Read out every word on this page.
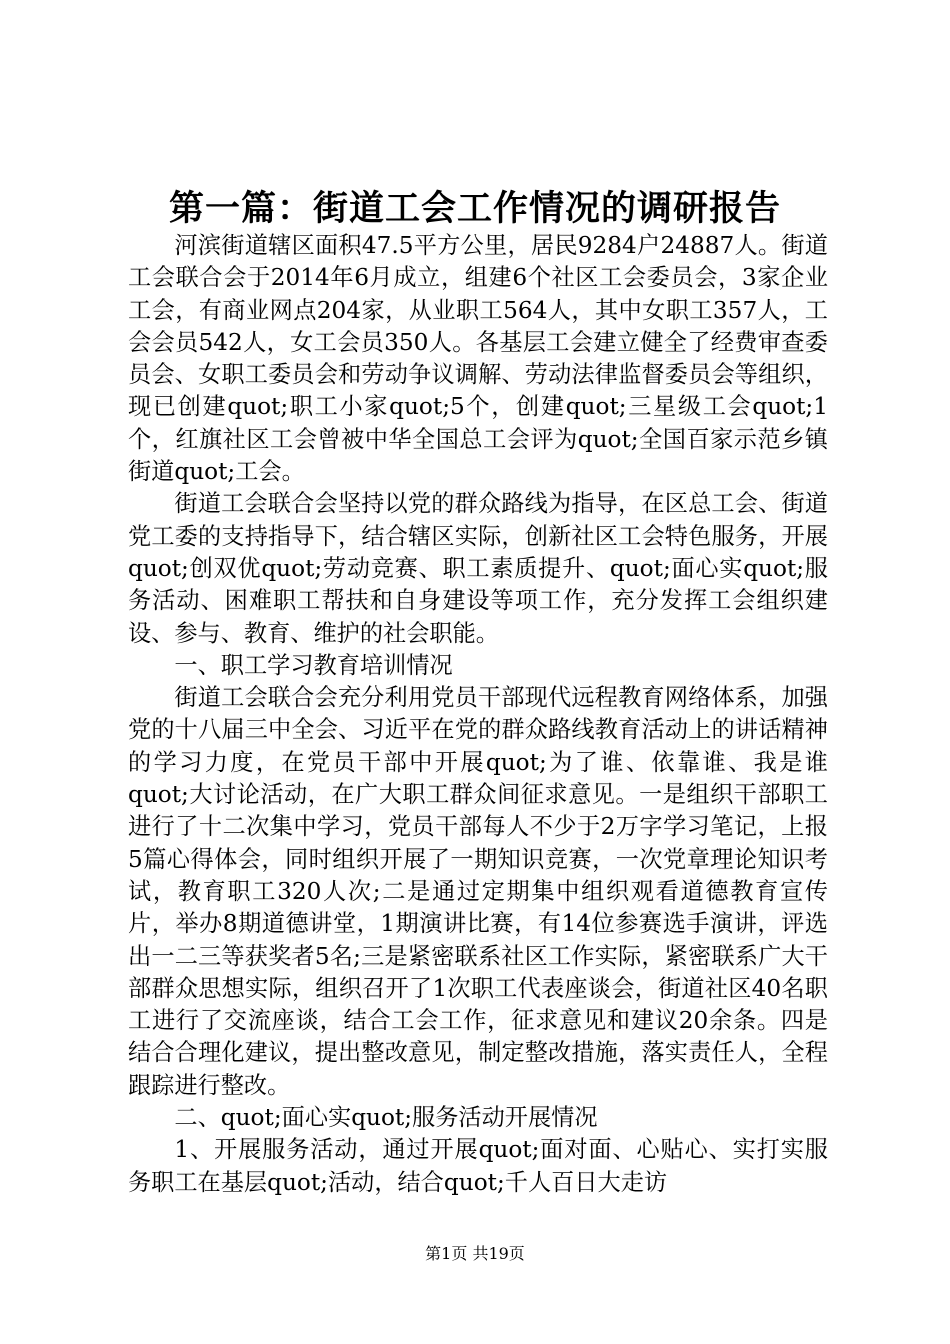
第一篇：街道工会工作情况的调研报告

河滨街道辖区面积47.5平方公里，居民9284户24887人。街道工会联合会于2014年6月成立，组建6个社区工会委员会，3家企业工会，有商业网点204家，从业职工564人，其中女职工357人，工会会员542人，女工会员350人。各基层工会建立健全了经费审查委员会、女职工委员会和劳动争议调解、劳动法律监督委员会等组织，现已创建quot;职工小家quot;5个，创建quot;三星级工会quot;1个，红旗社区工会曾被中华全国总工会评为quot;全国百家示范乡镇街道quot;工会。

街道工会联合会坚持以党的群众路线为指导，在区总工会、街道党工委的支持指导下，结合辖区实际，创新社区工会特色服务，开展quot;创双优quot;劳动竞赛、职工素质提升、quot;面心实quot;服务活动、困难职工帮扶和自身建设等项工作，充分发挥工会组织建设、参与、教育、维护的社会职能。

一、职工学习教育培训情况

街道工会联合会充分利用党员干部现代远程教育网络体系，加强党的十八届三中全会、习近平在党的群众路线教育活动上的讲话精神的学习力度，在党员干部中开展quot;为了谁、依靠谁、我是谁quot;大讨论活动，在广大职工群众间征求意见。一是组织干部职工进行了十二次集中学习，党员干部每人不少于2万字学习笔记，上报5篇心得体会，同时组织开展了一期知识竞赛，一次党章理论知识考试，教育职工320人次;二是通过定期集中组织观看道德教育宣传片，举办8期道德讲堂，1期演讲比赛，有14位参赛选手演讲，评选出一二三等获奖者5名;三是紧密联系社区工作实际，紧密联系广大干部群众思想实际，组织召开了1次职工代表座谈会，街道社区40名职工进行了交流座谈，结合工会工作，征求意见和建议20余条。四是结合合理化建议，提出整改意见，制定整改措施，落实责任人，全程跟踪进行整改。

二、quot;面心实quot;服务活动开展情况

1、开展服务活动，通过开展quot;面对面、心贴心、实打实服务职工在基层quot;活动，结合quot;千人百日大走访

第1页 共19页
